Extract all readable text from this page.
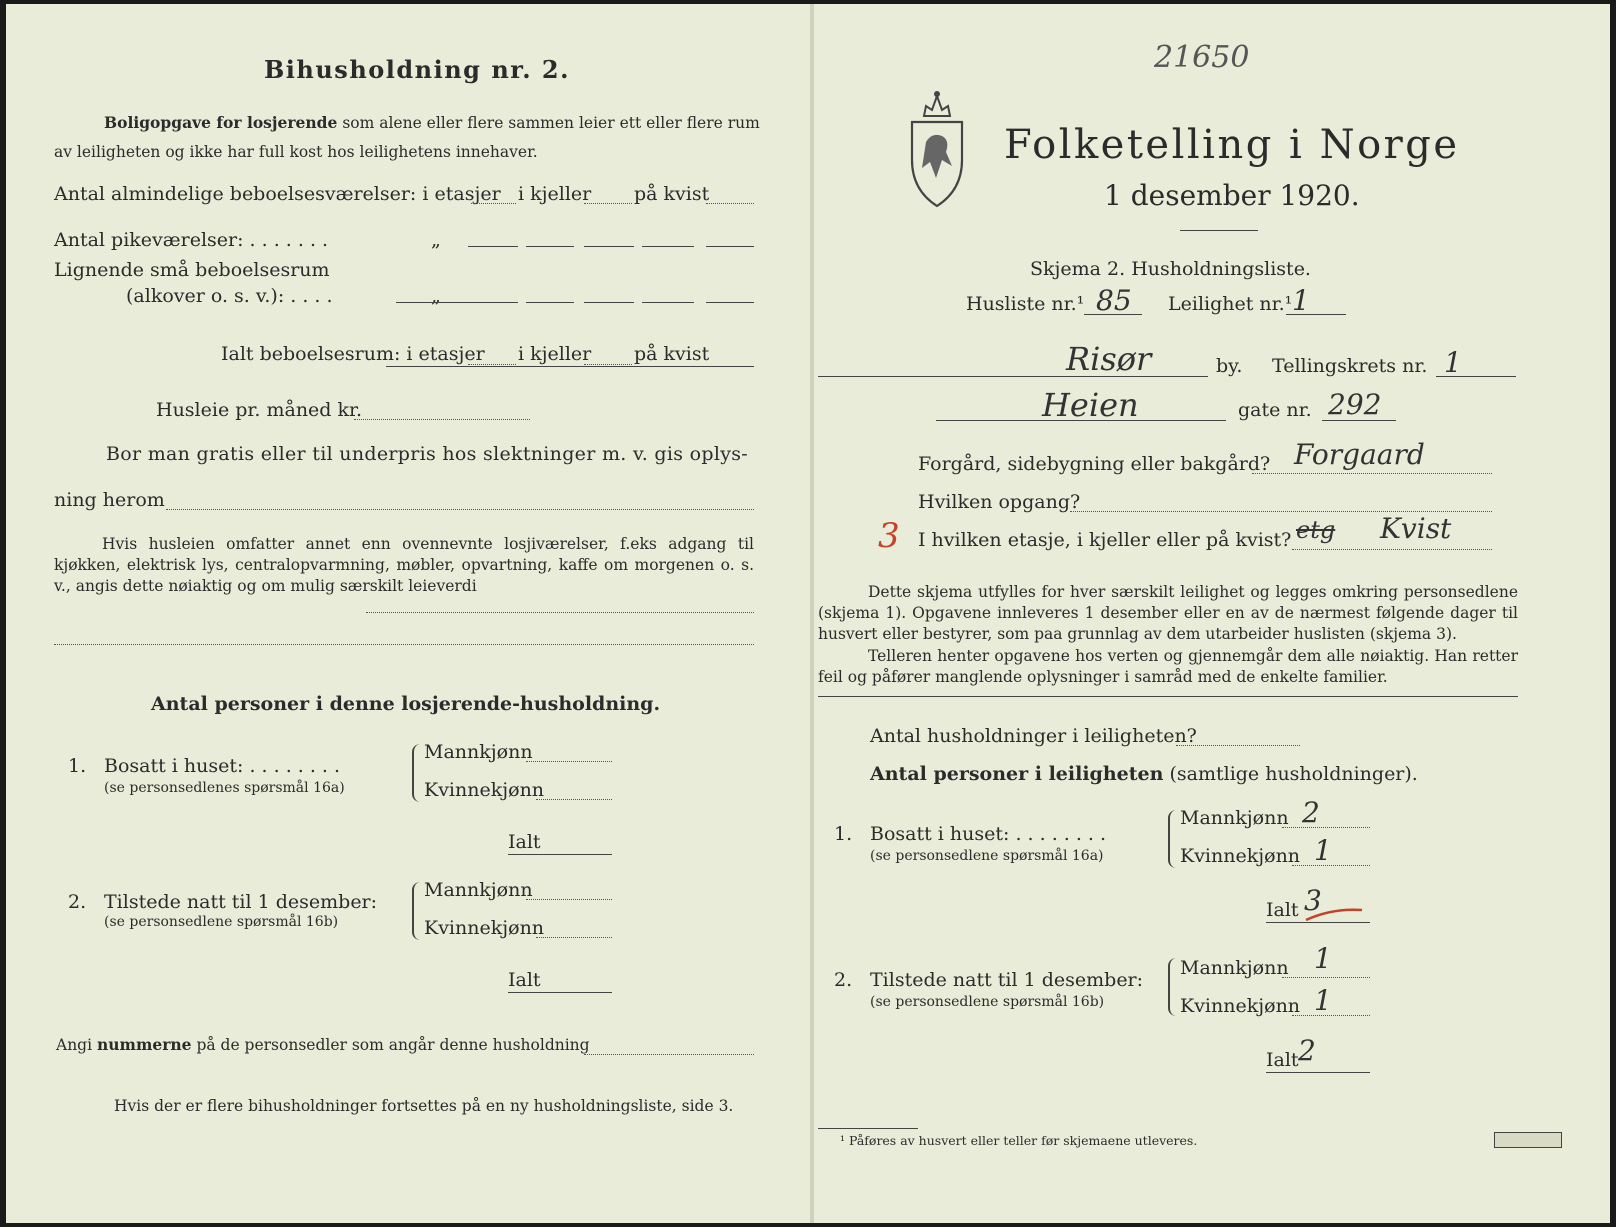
Bihusholdning nr. 2.
Boligopgave for losjerende som alene eller flere sammen leier ett eller flere rum
av leiligheten og ikke har full kost hos leilighetens innehaver.
Antal almindelige beboelsesværelser: i etasjer i kjeller på kvist
Antal pikeværelser: . . . . . . .	„
Lignende små beboelsesrum
(alkover o. s. v.): . . . .	„
Ialt beboelsesrum: i etasjer i kjeller på kvist
Husleie pr. måned kr.
Bor man gratis eller til underpris hos slektninger m. v. gis oplys-
ning herom
Hvis husleien omfatter annet enn ovennevnte losjiværelser, f.eks adgang til kjøkken, elektrisk lys, centralopvarmning, møbler, opvartning, kaffe om morgenen o. s. v., angis dette nøiaktig og om mulig særskilt leieverdi
Antal personer i denne losjerende-husholdning.
1. Bosatt i huset: . . . . . . . .
(se personsedlenes spørsmål 16a)
Mannkjønn
Kvinnekjønn
Ialt
2. Tilstede natt til 1 desember:
(se personsedlene spørsmål 16b)
Mannkjønn
Kvinnekjønn
Ialt
Angi nummerne på de personsedler som angår denne husholdning
Hvis der er flere bihusholdninger fortsettes på en ny husholdningsliste, side 3.
21650
Folketelling i Norge
1 desember 1920.
Skjema 2. Husholdningsliste.
Husliste nr.¹ 85 Leilighet nr.¹ 1
Risør	by. Tellingskrets nr. 1
Heien	gate nr. 292
Forgård, sidebygning eller bakgård? Forgaard
Hvilken opgang?
3 I hvilken etasje, i kjeller eller på kvist? etg Kvist
Dette skjema utfylles for hver særskilt leilighet og legges omkring personsedlene (skjema 1). Opgavene innleveres 1 desember eller en av de nærmest følgende dager til husvert eller bestyrer, som paa grunnlag av dem utarbeider huslisten (skjema 3).
Telleren henter opgavene hos verten og gjennemgår dem alle nøiaktig. Han retter feil og påfører manglende oplysninger i samråd med de enkelte familier.
Antal husholdninger i leiligheten?
Antal personer i leiligheten (samtlige husholdninger).
1. Bosatt i huset: . . . . . . . .
(se personsedlene spørsmål 16a)
Mannkjønn 2
Kvinnekjønn 1
Ialt 3
2. Tilstede natt til 1 desember:
(se personsedlene spørsmål 16b)
Mannkjønn 1
Kvinnekjønn 1
Ialt 2
¹ Påføres av husvert eller teller før skjemaene utleveres.
